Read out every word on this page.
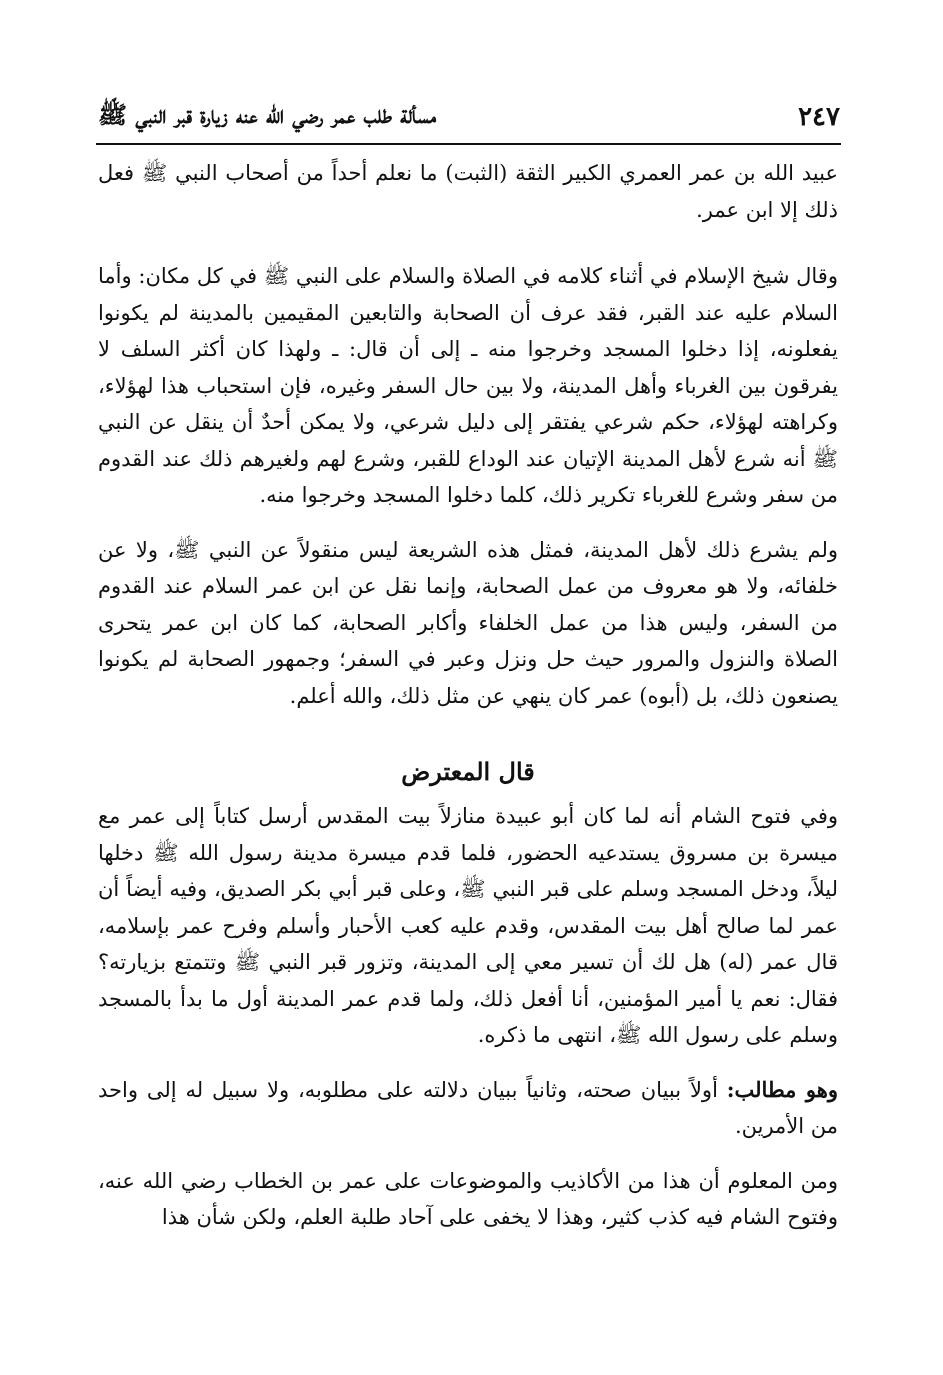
مسألة طلب عمر رضي الله عنه زيارة قبر النبي ﷺ	٢٤٧

عبيد الله بن عمر العمري الكبير الثقة (الثبت) ما نعلم أحداً من أصحاب النبي ﷺ فعل ذلك إلا ابن عمر.

وقال شيخ الإسلام في أثناء كلامه في الصلاة والسلام على النبي ﷺ في كل مكان: وأما السلام عليه عند القبر، فقد عرف أن الصحابة والتابعين المقيمين بالمدينة لم يكونوا يفعلونه، إذا دخلوا المسجد وخرجوا منه ـ إلى أن قال: ـ ولهذا كان أكثر السلف لا يفرقون بين الغرباء وأهل المدينة، ولا بين حال السفر وغيره، فإن استحباب هذا لهؤلاء، وكراهته لهؤلاء، حكم شرعي يفتقر إلى دليل شرعي، ولا يمكن أحدٌ أن ينقل عن النبي ﷺ أنه شرع لأهل المدينة الإتيان عند الوداع للقبر، وشرع لهم ولغيرهم ذلك عند القدوم من سفر وشرع للغرباء تكرير ذلك، كلما دخلوا المسجد وخرجوا منه.

ولم يشرع ذلك لأهل المدينة، فمثل هذه الشريعة ليس منقولاً عن النبي ﷺ، ولا عن خلفائه، ولا هو معروف من عمل الصحابة، وإنما نقل عن ابن عمر السلام عند القدوم من السفر، وليس هذا من عمل الخلفاء وأكابر الصحابة، كما كان ابن عمر يتحرى الصلاة والنزول والمرور حيث حل ونزل وعبر في السفر؛ وجمهور الصحابة لم يكونوا يصنعون ذلك، بل (أبوه) عمر كان ينهي عن مثل ذلك، والله أعلم.

قال المعترض

وفي فتوح الشام أنه لما كان أبو عبيدة منازلاً بيت المقدس أرسل كتاباً إلى عمر مع ميسرة بن مسروق يستدعيه الحضور، فلما قدم ميسرة مدينة رسول الله ﷺ دخلها ليلاً، ودخل المسجد وسلم على قبر النبي ﷺ، وعلى قبر أبي بكر الصديق، وفيه أيضاً أن عمر لما صالح أهل بيت المقدس، وقدم عليه كعب الأحبار وأسلم وفرح عمر بإسلامه، قال عمر (له) هل لك أن تسير معي إلى المدينة، وتزور قبر النبي ﷺ وتتمتع بزيارته؟ فقال: نعم يا أمير المؤمنين، أنا أفعل ذلك، ولما قدم عمر المدينة أول ما بدأ بالمسجد وسلم على رسول الله ﷺ، انتهى ما ذكره.

وهو مطالب: أولاً ببيان صحته، وثانياً ببيان دلالته على مطلوبه، ولا سبيل له إلى واحد من الأمرين.

ومن المعلوم أن هذا من الأكاذيب والموضوعات على عمر بن الخطاب رضي الله عنه، وفتوح الشام فيه كذب كثير، وهذا لا يخفى على آحاد طلبة العلم، ولكن شأن هذا
